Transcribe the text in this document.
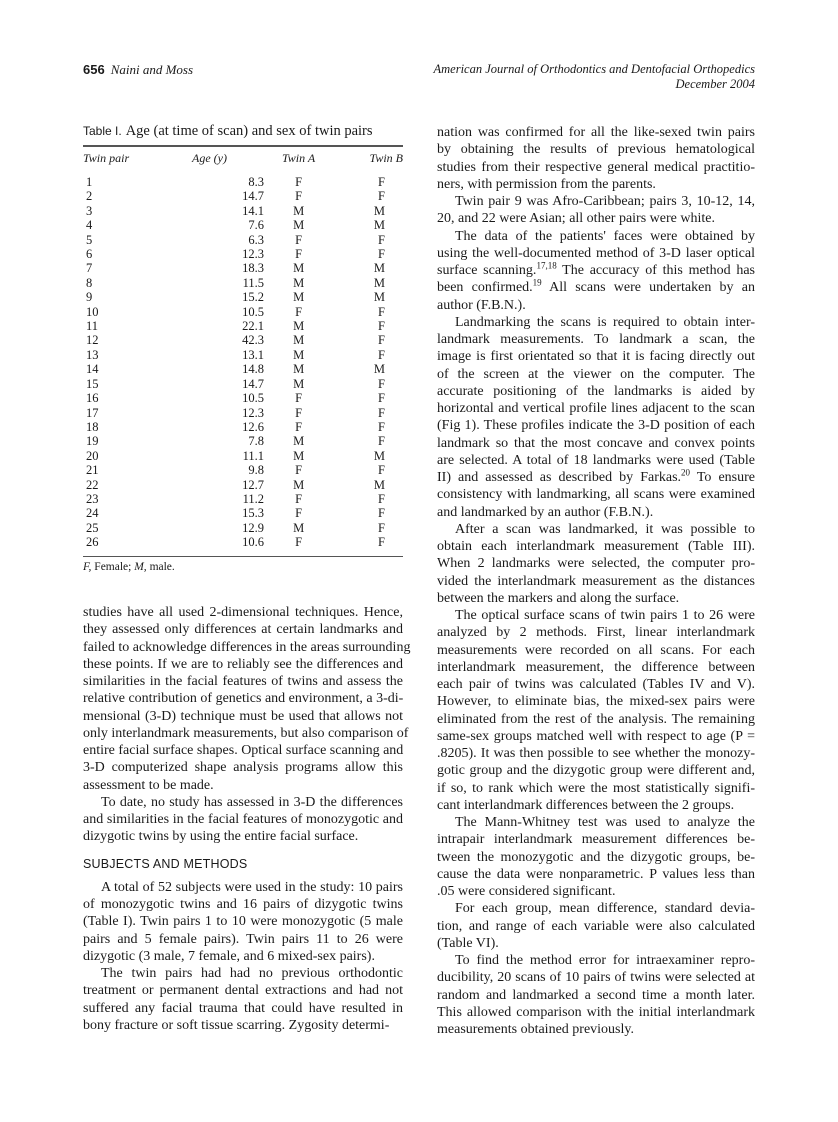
656 Naini and Moss	American Journal of Orthodontics and Dentofacial Orthopedics
December 2004
Table I. Age (at time of scan) and sex of twin pairs
Twin pair	Age (y)	Twin A	Twin B
1	8.3	F	F
2	14.7	F	F
3	14.1	M	M
4	7.6	M	M
5	6.3	F	F
6	12.3	F	F
7	18.3	M	M
8	11.5	M	M
9	15.2	M	M
10	10.5	F	F
11	22.1	M	F
12	42.3	M	F
13	13.1	M	F
14	14.8	M	M
15	14.7	M	F
16	10.5	F	F
17	12.3	F	F
18	12.6	F	F
19	7.8	M	F
20	11.1	M	M
21	9.8	F	F
22	12.7	M	M
23	11.2	F	F
24	15.3	F	F
25	12.9	M	F
26	10.6	F	F
F, Female; M, male.
studies have all used 2-dimensional techniques. Hence,
they assessed only differences at certain landmarks and
failed to acknowledge differences in the areas surrounding
these points. If we are to reliably see the differences and
similarities in the facial features of twins and assess the
relative contribution of genetics and environment, a 3-di-
mensional (3-D) technique must be used that allows not
only interlandmark measurements, but also comparison of
entire facial surface shapes. Optical surface scanning and
3-D computerized shape analysis programs allow this
assessment to be made.
To date, no study has assessed in 3-D the differences
and similarities in the facial features of monozygotic and
dizygotic twins by using the entire facial surface.
SUBJECTS AND METHODS
A total of 52 subjects were used in the study: 10 pairs
of monozygotic twins and 16 pairs of dizygotic twins
(Table I). Twin pairs 1 to 10 were monozygotic (5 male
pairs and 5 female pairs). Twin pairs 11 to 26 were
dizygotic (3 male, 7 female, and 6 mixed-sex pairs).
The twin pairs had had no previous orthodontic
treatment or permanent dental extractions and had not
suffered any facial trauma that could have resulted in
bony fracture or soft tissue scarring. Zygosity determi-
nation was confirmed for all the like-sexed twin pairs
by obtaining the results of previous hematological
studies from their respective general medical practitio-
ners, with permission from the parents.
Twin pair 9 was Afro-Caribbean; pairs 3, 10-12, 14,
20, and 22 were Asian; all other pairs were white.
The data of the patients' faces were obtained by
using the well-documented method of 3-D laser optical
surface scanning.$^{17,18}$ The accuracy of this method has
been confirmed.$^{19}$ All scans were undertaken by an
author (F.B.N.).
Landmarking the scans is required to obtain inter-
landmark measurements. To landmark a scan, the
image is first orientated so that it is facing directly out
of the screen at the viewer on the computer. The
accurate positioning of the landmarks is aided by
horizontal and vertical profile lines adjacent to the scan
(Fig 1). These profiles indicate the 3-D position of each
landmark so that the most concave and convex points
are selected. A total of 18 landmarks were used (Table
II) and assessed as described by Farkas.$^{20}$ To ensure
consistency with landmarking, all scans were examined
and landmarked by an author (F.B.N.).
After a scan was landmarked, it was possible to
obtain each interlandmark measurement (Table III).
When 2 landmarks were selected, the computer pro-
vided the interlandmark measurement as the distances
between the markers and along the surface.
The optical surface scans of twin pairs 1 to 26 were
analyzed by 2 methods. First, linear interlandmark
measurements were recorded on all scans. For each
interlandmark measurement, the difference between
each pair of twins was calculated (Tables IV and V).
However, to eliminate bias, the mixed-sex pairs were
eliminated from the rest of the analysis. The remaining
same-sex groups matched well with respect to age (P =
.8205). It was then possible to see whether the monozy-
gotic group and the dizygotic group were different and,
if so, to rank which were the most statistically signifi-
cant interlandmark differences between the 2 groups.
The Mann-Whitney test was used to analyze the
intrapair interlandmark measurement differences be-
tween the monozygotic and the dizygotic groups, be-
cause the data were nonparametric. P values less than
.05 were considered significant.
For each group, mean difference, standard devia-
tion, and range of each variable were also calculated
(Table VI).
To find the method error for intraexaminer repro-
ducibility, 20 scans of 10 pairs of twins were selected at
random and landmarked a second time a month later.
This allowed comparison with the initial interlandmark
measurements obtained previously.
